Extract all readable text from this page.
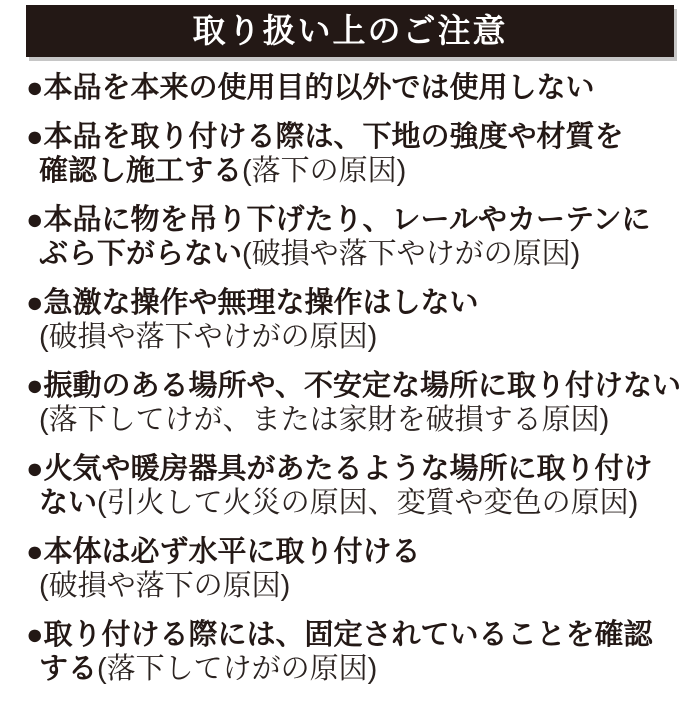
取り扱い上のご注意
●本品を本来の使用目的以外では使用しない
●本品を取り付ける際は、下地の強度や材質を
確認し施工する(落下の原因)
●本品に物を吊り下げたり、レールやカーテンに
ぶら下がらない(破損や落下やけがの原因)
●急激な操作や無理な操作はしない
(破損や落下やけがの原因)
●振動のある場所や、不安定な場所に取り付けない
(落下してけが、または家財を破損する原因)
●火気や暖房器具があたるような場所に取り付け
ない(引火して火災の原因、変質や変色の原因)
●本体は必ず水平に取り付ける
(破損や落下の原因)
●取り付ける際には、固定されていることを確認
する(落下してけがの原因)
